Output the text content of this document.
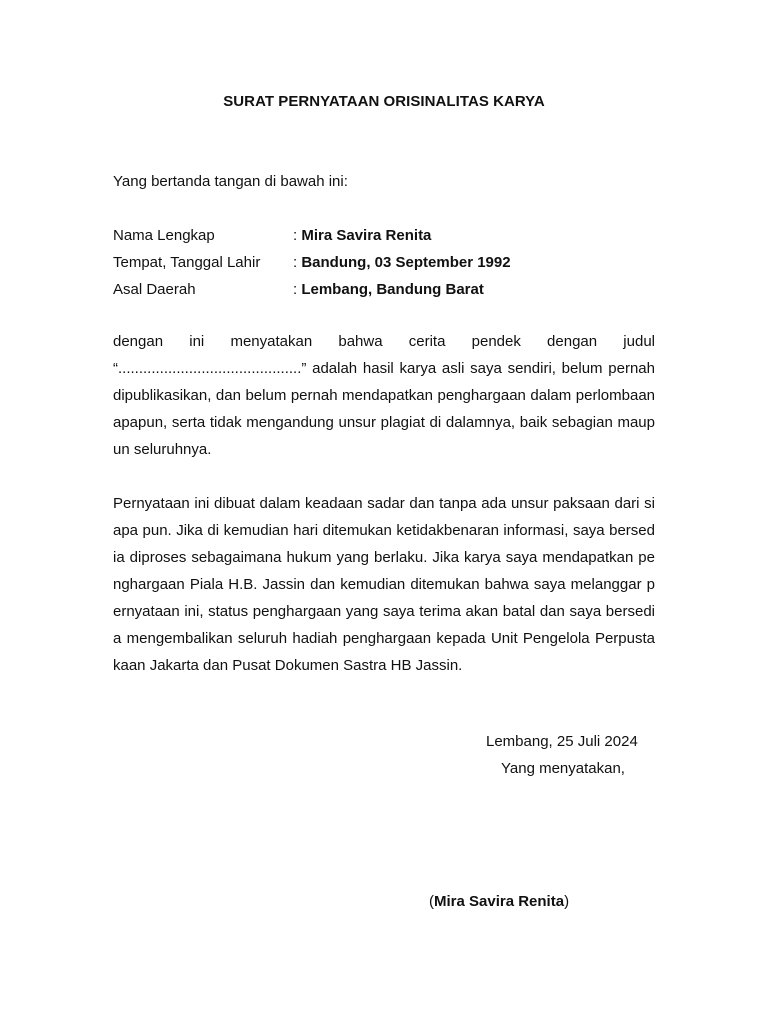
SURAT PERNYATAAN ORISINALITAS KARYA
Yang bertanda tangan di bawah ini:
Nama Lengkap	: Mira Savira Renita
Tempat, Tanggal Lahir : Bandung, 03 September 1992
Asal Daerah	: Lembang, Bandung Barat
dengan ini menyatakan bahwa cerita pendek dengan judul
“............................................” adalah hasil karya asli saya sendiri, belum pernah
dipublikasikan, dan belum pernah mendapatkan penghargaan dalam perlombaan
apapun, serta tidak mengandung unsur plagiat di dalamnya, baik sebagian maup
un seluruhnya.
Pernyataan ini dibuat dalam keadaan sadar dan tanpa ada unsur paksaan dari si
apa pun. Jika di kemudian hari ditemukan ketidakbenaran informasi, saya bersed
ia diproses sebagaimana hukum yang berlaku. Jika karya saya mendapatkan pe
nghargaan Piala H.B. Jassin dan kemudian ditemukan bahwa saya melanggar p
ernyataan ini, status penghargaan yang saya terima akan batal dan saya bersedi
a mengembalikan seluruh hadiah penghargaan kepada Unit Pengelola Perpusta
kaan Jakarta dan Pusat Dokumen Sastra HB Jassin.
Lembang, 25 Juli 2024
Yang menyatakan,
(Mira Savira Renita)
